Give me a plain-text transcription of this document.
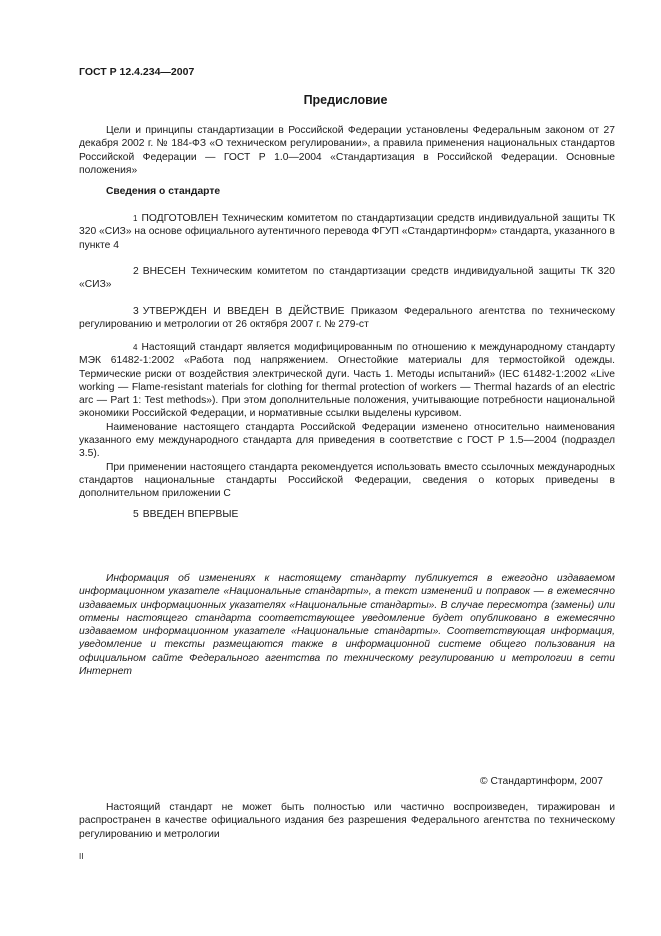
ГОСТ Р 12.4.234—2007
Предисловие

Цели и принципы стандартизации в Российской Федерации установлены Федеральным законом от 27 декабря 2002 г. № 184-ФЗ «О техническом регулировании», а правила применения национальных стандартов Российской Федерации — ГОСТ Р 1.0—2004 «Стандартизация в Российской Федерации. Основные положения»

Сведения о стандарте

1 ПОДГОТОВЛЕН Техническим комитетом по стандартизации средств индивидуальной защиты ТК 320 «СИЗ» на основе официального аутентичного перевода ФГУП «Стандартинформ» стандарта, указанного в пункте 4

2 ВНЕСЕН Техническим комитетом по стандартизации средств индивидуальной защиты ТК 320 «СИЗ»

3 УТВЕРЖДЕН И ВВЕДЕН В ДЕЙСТВИЕ Приказом Федерального агентства по техническому регулированию и метрологии от 26 октября 2007 г. № 279-ст

4 Настоящий стандарт является модифицированным по отношению к международному стандарту МЭК 61482-1:2002 «Работа под напряжением. Огнестойкие материалы для термостойкой одежды. Термические риски от воздействия электрической дуги. Часть 1. Методы испытаний» (IEC 61482-1:2002 «Live working — Flame-resistant materials for clothing for thermal protection of workers — Thermal hazards of an electric arc — Part 1: Test methods»). При этом дополнительные положения, учитывающие потребности национальной экономики Российской Федерации, и нормативные ссылки выделены курсивом.

Наименование настоящего стандарта Российской Федерации изменено относительно наименования указанного ему международного стандарта для приведения в соответствие с ГОСТ Р 1.5—2004 (подраздел 3.5).

При применении настоящего стандарта рекомендуется использовать вместо ссылочных международных стандартов национальные стандарты Российской Федерации, сведения о которых приведены в дополнительном приложении С

5 ВВЕДЕН ВПЕРВЫЕ

Информация об изменениях к настоящему стандарту публикуется в ежегодно издаваемом информационном указателе «Национальные стандарты», а текст изменений и поправок — в ежемесячно издаваемых информационных указателях «Национальные стандарты». В случае пересмотра (замены) или отмены настоящего стандарта соответствующее уведомление будет опубликовано в ежемесячно издаваемом информационном указателе «Национальные стандарты». Соответствующая информация, уведомление и тексты размещаются также в информационной системе общего пользования на официальном сайте Федерального агентства по техническому регулированию и метрологии в сети Интернет

© Стандартинформ, 2007

Настоящий стандарт не может быть полностью или частично воспроизведен, тиражирован и распространен в качестве официального издания без разрешения Федерального агентства по техническому регулированию и метрологии

II
